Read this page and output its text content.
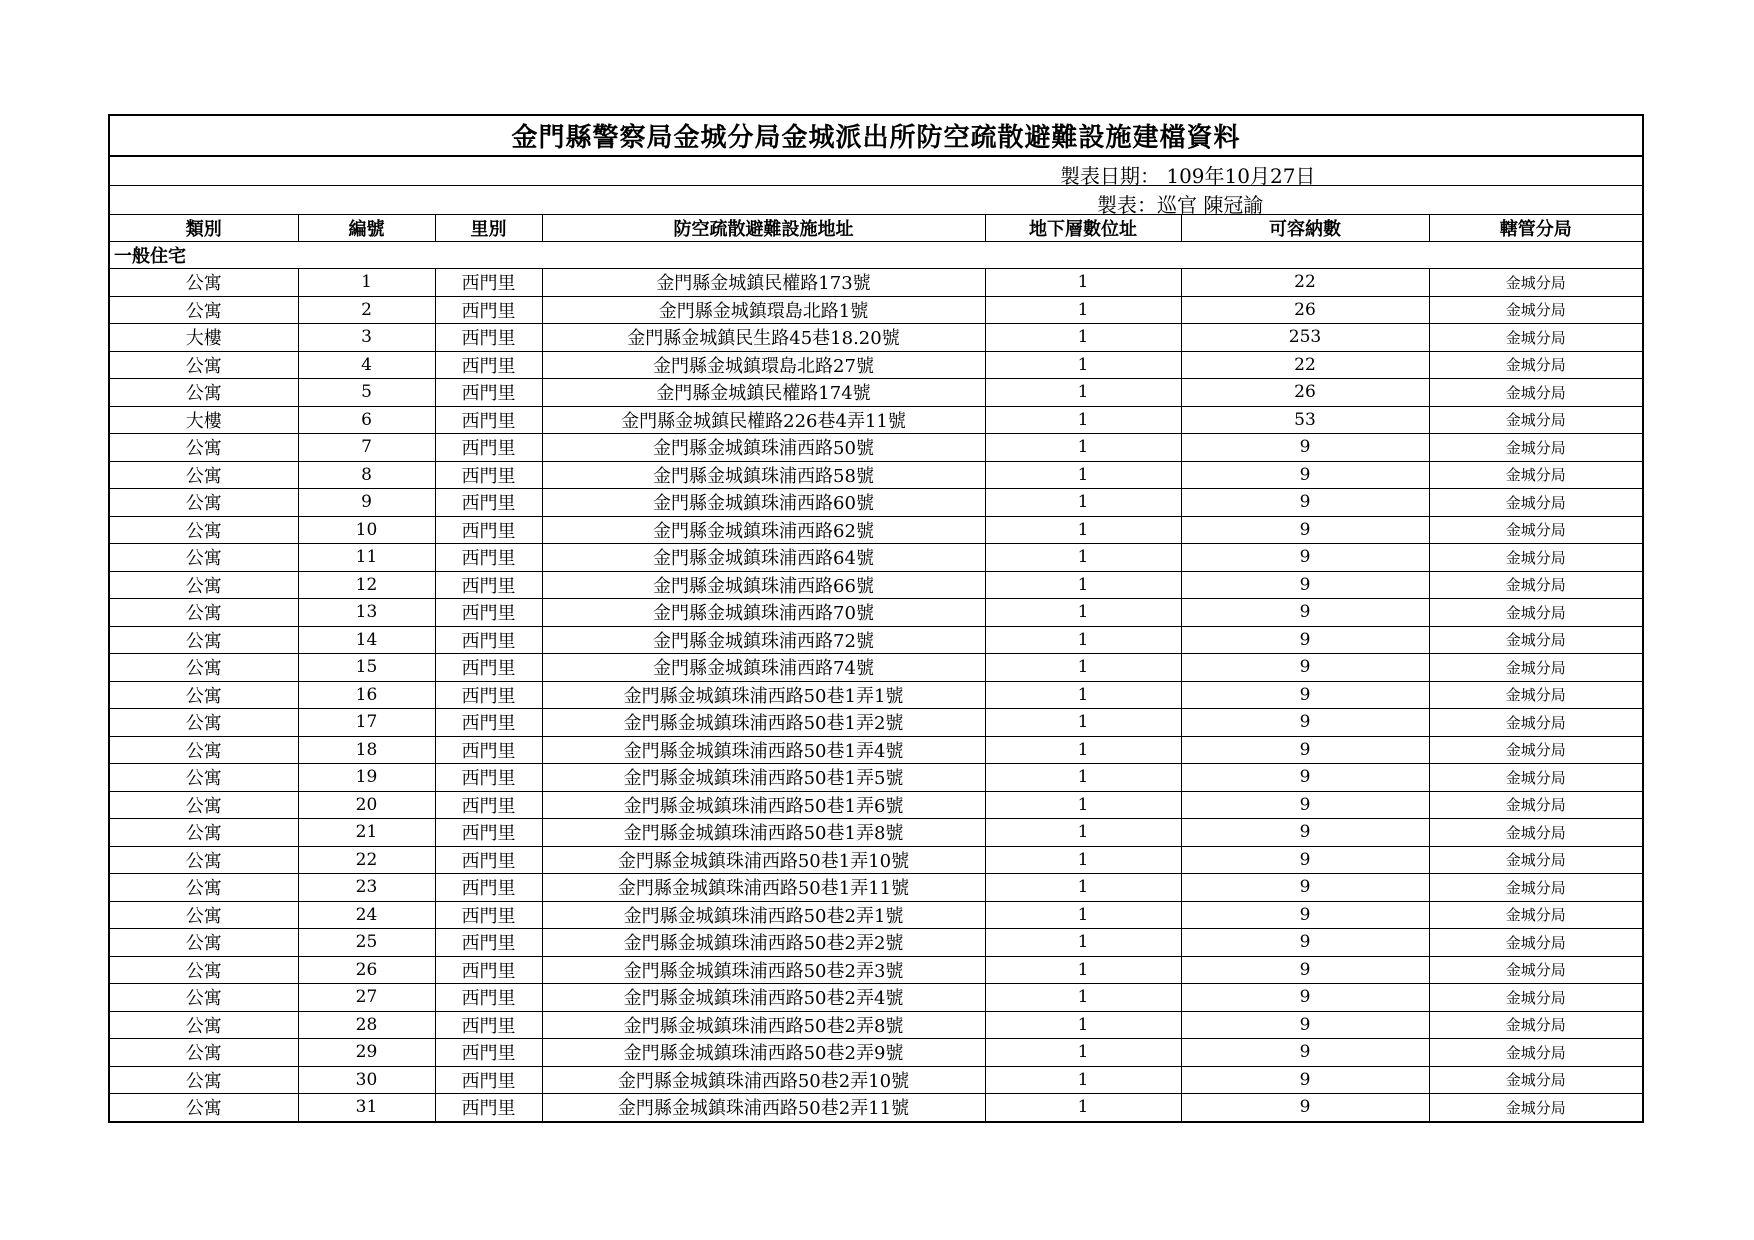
金門縣警察局金城分局金城派出所防空疏散避難設施建檔資料
製表日期： 109年10月27日
製表：巡官 陳冠諭
類別	編號	里別	防空疏散避難設施地址	地下層數位址	可容納數	轄管分局
一般住宅						
公寓	1	西門里	金門縣金城鎮民權路173號	1	22	金城分局
公寓	2	西門里	金門縣金城鎮環島北路1號	1	26	金城分局
大樓	3	西門里	金門縣金城鎮民生路45巷18.20號	1	253	金城分局
公寓	4	西門里	金門縣金城鎮環島北路27號	1	22	金城分局
公寓	5	西門里	金門縣金城鎮民權路174號	1	26	金城分局
大樓	6	西門里	金門縣金城鎮民權路226巷4弄11號	1	53	金城分局
公寓	7	西門里	金門縣金城鎮珠浦西路50號	1	9	金城分局
公寓	8	西門里	金門縣金城鎮珠浦西路58號	1	9	金城分局
公寓	9	西門里	金門縣金城鎮珠浦西路60號	1	9	金城分局
公寓	10	西門里	金門縣金城鎮珠浦西路62號	1	9	金城分局
公寓	11	西門里	金門縣金城鎮珠浦西路64號	1	9	金城分局
公寓	12	西門里	金門縣金城鎮珠浦西路66號	1	9	金城分局
公寓	13	西門里	金門縣金城鎮珠浦西路70號	1	9	金城分局
公寓	14	西門里	金門縣金城鎮珠浦西路72號	1	9	金城分局
公寓	15	西門里	金門縣金城鎮珠浦西路74號	1	9	金城分局
公寓	16	西門里	金門縣金城鎮珠浦西路50巷1弄1號	1	9	金城分局
公寓	17	西門里	金門縣金城鎮珠浦西路50巷1弄2號	1	9	金城分局
公寓	18	西門里	金門縣金城鎮珠浦西路50巷1弄4號	1	9	金城分局
公寓	19	西門里	金門縣金城鎮珠浦西路50巷1弄5號	1	9	金城分局
公寓	20	西門里	金門縣金城鎮珠浦西路50巷1弄6號	1	9	金城分局
公寓	21	西門里	金門縣金城鎮珠浦西路50巷1弄8號	1	9	金城分局
公寓	22	西門里	金門縣金城鎮珠浦西路50巷1弄10號	1	9	金城分局
公寓	23	西門里	金門縣金城鎮珠浦西路50巷1弄11號	1	9	金城分局
公寓	24	西門里	金門縣金城鎮珠浦西路50巷2弄1號	1	9	金城分局
公寓	25	西門里	金門縣金城鎮珠浦西路50巷2弄2號	1	9	金城分局
公寓	26	西門里	金門縣金城鎮珠浦西路50巷2弄3號	1	9	金城分局
公寓	27	西門里	金門縣金城鎮珠浦西路50巷2弄4號	1	9	金城分局
公寓	28	西門里	金門縣金城鎮珠浦西路50巷2弄8號	1	9	金城分局
公寓	29	西門里	金門縣金城鎮珠浦西路50巷2弄9號	1	9	金城分局
公寓	30	西門里	金門縣金城鎮珠浦西路50巷2弄10號	1	9	金城分局
公寓	31	西門里	金門縣金城鎮珠浦西路50巷2弄11號	1	9	金城分局
